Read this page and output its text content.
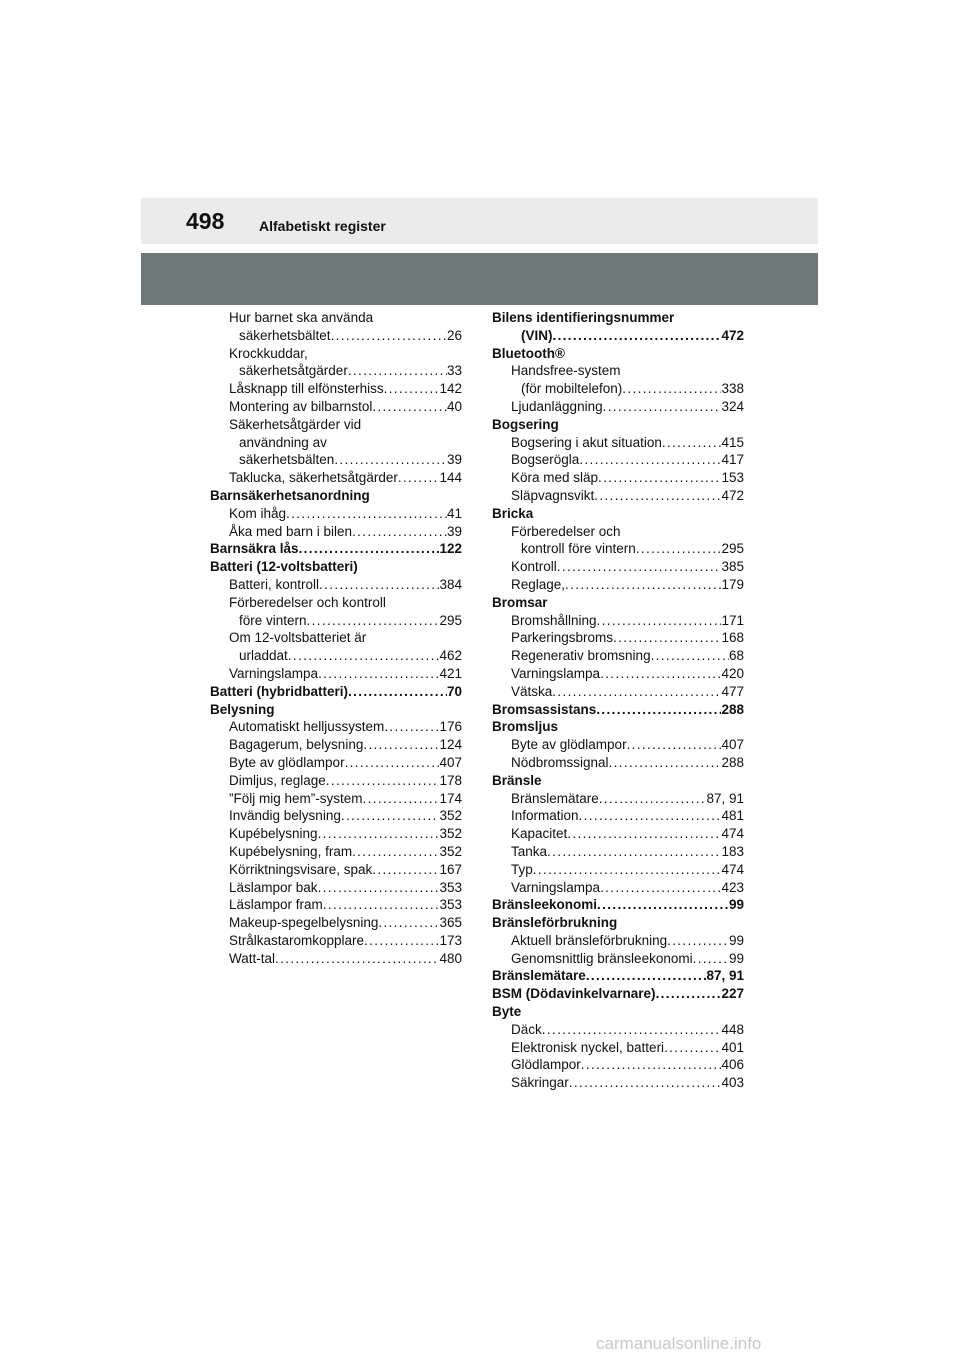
498 Alfabetiskt register
Hur barnet ska använda
säkerhetsbältet . . .	26
Krockkuddar,
säkerhetsåtgärder . . .	33
Låsknapp till elfönsterhiss . . .	142
Montering av bilbarnstol . . .	40
Säkerhetsåtgärder vid
användning av
säkerhetsbälten . . .	39
Taklucka, säkerhetsåtgärder . . .	144
Barnsäkerhetsanordning
Kom ihåg . . .	41
Åka med barn i bilen . . .	39
Barnsäkra lås . . .	122
Batteri (12-voltsbatteri)
Batteri, kontroll . . .	384
Förberedelser och kontroll
före vintern . . .	295
Om 12-voltsbatteriet är
urladdat . . .	462
Varningslampa . . .	421
Batteri (hybridbatteri) . . .	70
Belysning
Automatiskt helljussystem . . .	176
Bagagerum, belysning . . .	124
Byte av glödlampor . . .	407
Dimljus, reglage . . .	178
”Följ mig hem”-system . . .	174
Invändig belysning . . .	352
Kupébelysning . . .	352
Kupébelysning, fram . . .	352
Körriktningsvisare, spak . . .	167
Läslampor bak . . .	353
Läslampor fram . . .	353
Makeup-spegelbelysning . . .	365
Strålkastaromkopplare . . .	173
Watt-tal . . .	480
Bilens identifieringsnummer
(VIN) . . .	472
Bluetooth®
Handsfree-system
(för mobiltelefon) . . .	338
Ljudanläggning . . .	324
Bogsering
Bogsering i akut situation . . .	415
Bogserögla . . .	417
Köra med släp . . .	153
Släpvagnsvikt . . .	472
Bricka
Förberedelser och
kontroll före vintern . . .	295
Kontroll . . .	385
Reglage, . . .	179
Bromsar
Bromshållning . . .	171
Parkeringsbroms . . .	168
Regenerativ bromsning . . .	68
Varningslampa . . .	420
Vätska . . .	477
Bromsassistans . . .	288
Bromsljus
Byte av glödlampor . . .	407
Nödbromssignal . . .	288
Bränsle
Bränslemätare . . .	87, 91
Information . . .	481
Kapacitet . . .	474
Tanka . . .	183
Typ . . .	474
Varningslampa . . .	423
Bränsleekonomi . . .	99
Bränsleförbrukning
Aktuell bränsleförbrukning . . .	99
Genomsnittlig bränsleekonomi . . .	99
Bränslemätare . . .	87, 91
BSM (Dödavinkelvarnare) . . .	227
Byte
Däck . . .	448
Elektronisk nyckel, batteri . . .	401
Glödlampor . . .	406
Säkringar . . .	403
carmanualsonline.info
